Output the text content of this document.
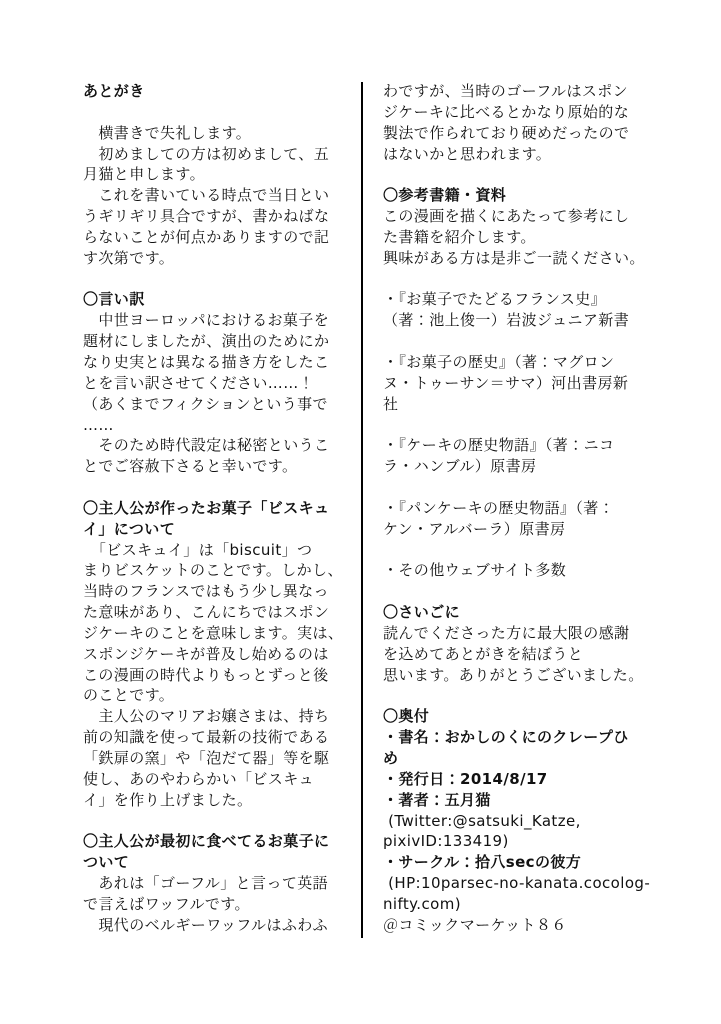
あとがき
　横書きで失礼します。
　初めましての方は初めまして、五
月猫と申します。
　これを書いている時点で当日とい
うギリギリ具合ですが、書かねばな
らないことが何点かありますので記
す次第です。
〇言い訳
　中世ヨーロッパにおけるお菓子を
題材にしましたが、演出のためにか
なり史実とは異なる描き方をしたこ
とを言い訳させてください……！
（あくまでフィクションという事で
……
　そのため時代設定は秘密というこ
とでご容赦下さると幸いです。
〇主人公が作ったお菓子「ビスキュ
イ」について
　「ビスキュイ」は「biscuit」つ
まりビスケットのことです。しかし、
当時のフランスではもう少し異なっ
た意味があり、こんにちではスポン
ジケーキのことを意味します。実は、
スポンジケーキが普及し始めるのは
この漫画の時代よりもっとずっと後
のことです。
　主人公のマリアお嬢さまは、持ち
前の知識を使って最新の技術である
「鉄扉の窯」や「泡だて器」等を駆
使し、あのやわらかい「ビスキュ
イ」を作り上げました。
〇主人公が最初に食べてるお菓子に
ついて
　あれは「ゴーフル」と言って英語
で言えばワッフルです。
　現代のベルギーワッフルはふわふ
わですが、当時のゴーフルはスポン
ジケーキに比べるとかなり原始的な
製法で作られており硬めだったので
はないかと思われます。
〇参考書籍・資料
この漫画を描くにあたって参考にし
た書籍を紹介します。
興味がある方は是非ご一読ください。
・『お菓子でたどるフランス史』
（著：池上俊一）岩波ジュニア新書
・『お菓子の歴史』（著：マグロン
ヌ・トゥーサン＝サマ）河出書房新
社
・『ケーキの歴史物語』（著：ニコ
ラ・ハンブル）原書房
・『パンケーキの歴史物語』（著：
ケン・アルバーラ）原書房
・その他ウェブサイト多数
〇さいごに
読んでくださった方に最大限の感謝
を込めてあとがきを結ぼうと
思います。ありがとうございました。
〇奥付
・書名：おかしのくにのクレープひ
め
・発行日：2014/8/17
・著者：五月猫
(Twitter:@satsuki_Katze,
pixivID:133419)
・サークル：拾八secの彼方
(HP:10parsec-no-kanata.cocolog-
nifty.com)
＠コミックマーケット８６
